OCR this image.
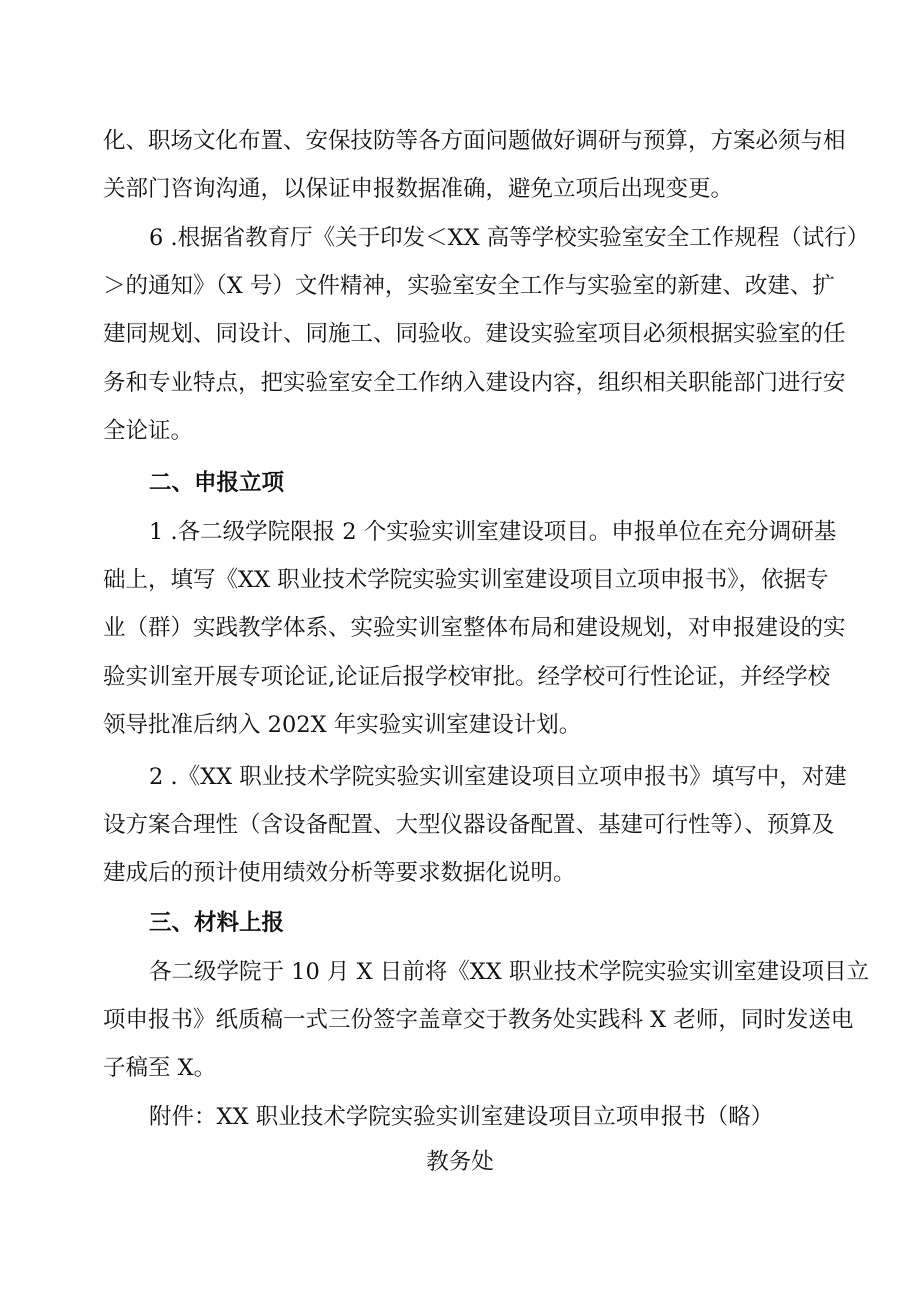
化、职场文化布置、安保技防等各方面问题做好调研与预算，方案必须与相
关部门咨询沟通，以保证申报数据准确，避免立项后出现变更。
6 .根据省教育厅《关于印发＜XX 高等学校实验室安全工作规程（试行）
＞的通知》（X 号）文件精神，实验室安全工作与实验室的新建、改建、扩
建同规划、同设计、同施工、同验收。建设实验室项目必须根据实验室的任
务和专业特点，把实验室安全工作纳入建设内容，组织相关职能部门进行安
全论证。
二、申报立项
1 .各二级学院限报 2 个实验实训室建设项目。申报单位在充分调研基
础上，填写《XX 职业技术学院实验实训室建设项目立项申报书》，依据专
业（群）实践教学体系、实验实训室整体布局和建设规划，对申报建设的实
验实训室开展专项论证,论证后报学校审批。经学校可行性论证，并经学校
领导批准后纳入 202X 年实验实训室建设计划。
2 .《XX 职业技术学院实验实训室建设项目立项申报书》填写中，对建
设方案合理性（含设备配置、大型仪器设备配置、基建可行性等）、预算及
建成后的预计使用绩效分析等要求数据化说明。
三、材料上报
各二级学院于 10 月 X 日前将《XX 职业技术学院实验实训室建设项目立
项申报书》纸质稿一式三份签字盖章交于教务处实践科 X 老师，同时发送电
子稿至 X。
附件：XX 职业技术学院实验实训室建设项目立项申报书（略）
教务处
